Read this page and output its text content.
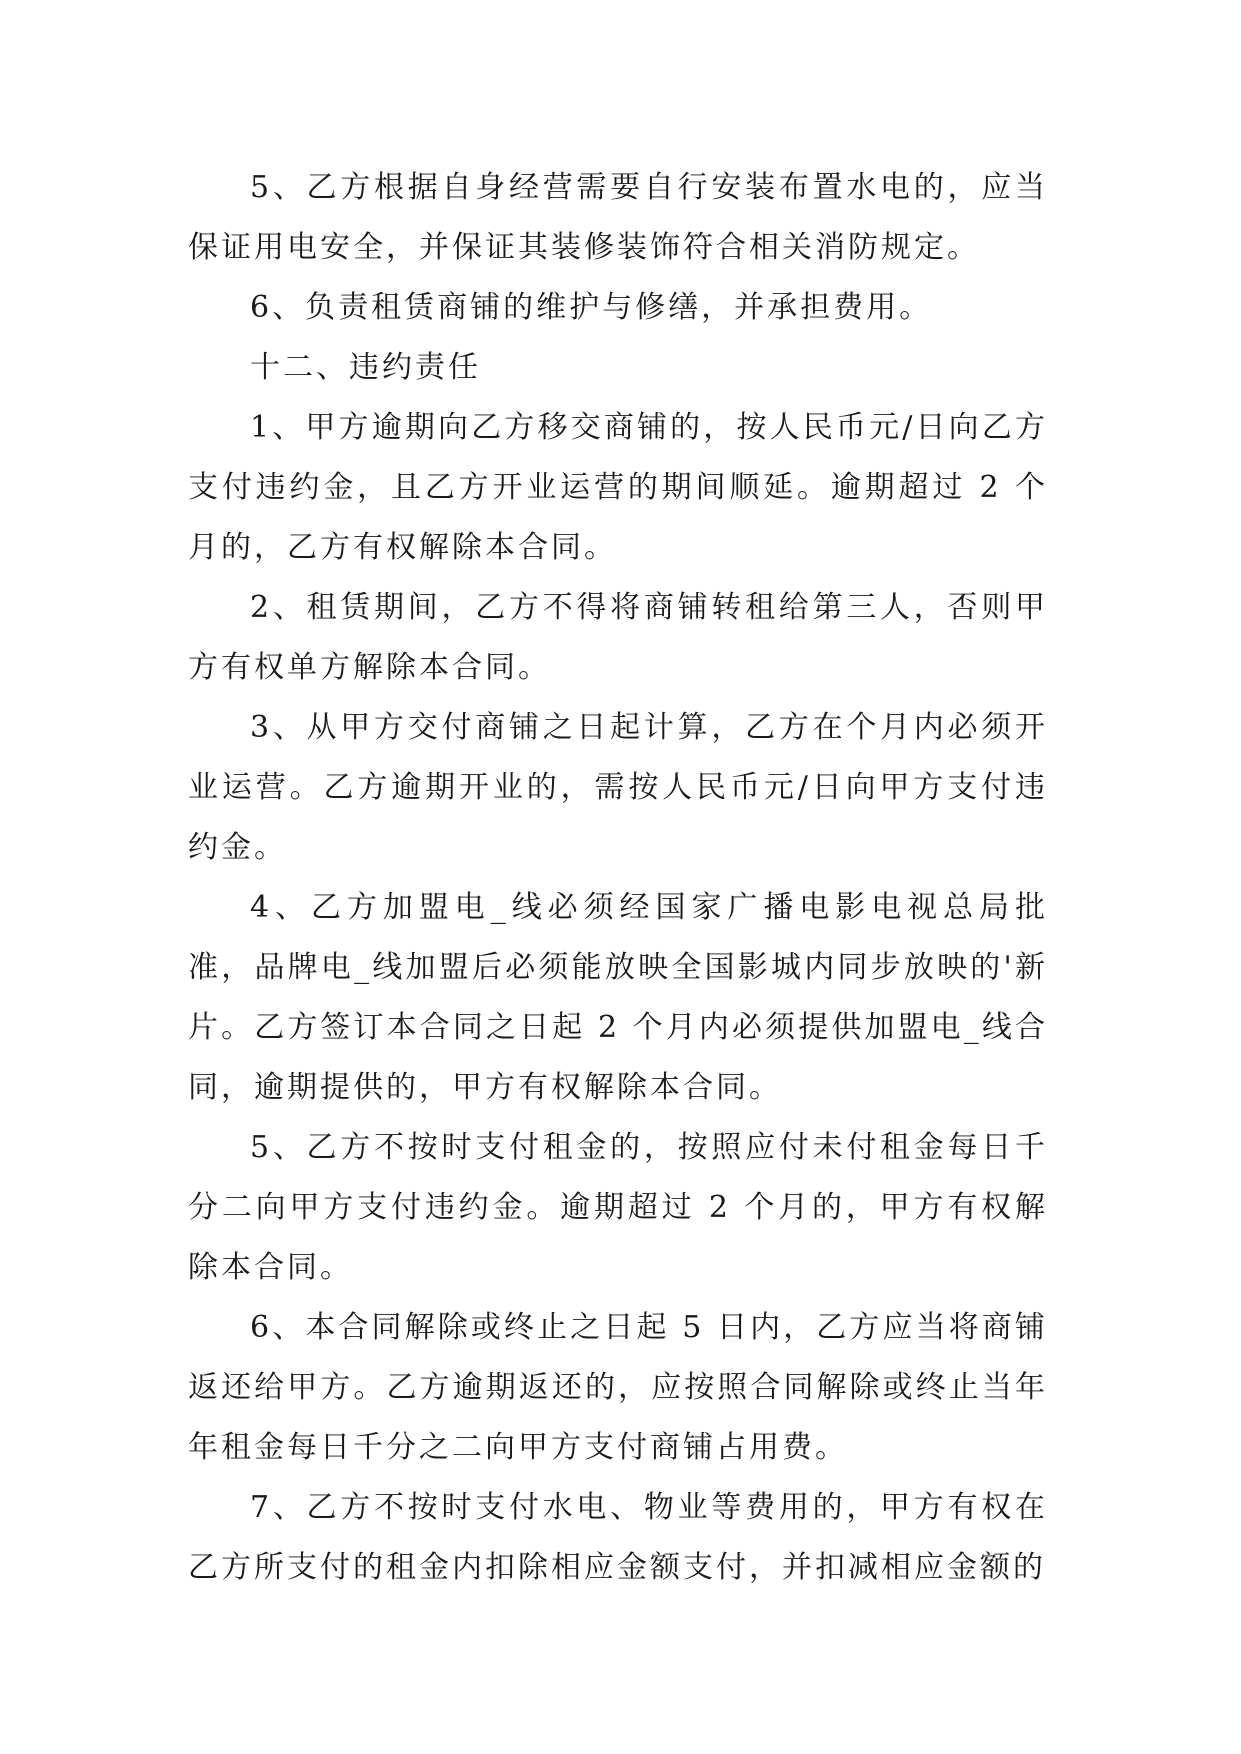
5、乙方根据自身经营需要自行安装布置水电的，应当保证用电安全，并保证其装修装饰符合相关消防规定。

6、负责租赁商铺的维护与修缮，并承担费用。

十二、违约责任

1、甲方逾期向乙方移交商铺的，按人民币元/日向乙方支付违约金，且乙方开业运营的期间顺延。逾期超过 2 个月的，乙方有权解除本合同。

2、租赁期间，乙方不得将商铺转租给第三人，否则甲方有权单方解除本合同。

3、从甲方交付商铺之日起计算，乙方在个月内必须开业运营。乙方逾期开业的，需按人民币元/日向甲方支付违约金。

4、乙方加盟电_线必须经国家广播电影电视总局批准，品牌电_线加盟后必须能放映全国影城内同步放映的'新片。乙方签订本合同之日起 2 个月内必须提供加盟电_线合同，逾期提供的，甲方有权解除本合同。

5、乙方不按时支付租金的，按照应付未付租金每日千分二向甲方支付违约金。逾期超过 2 个月的，甲方有权解除本合同。

6、本合同解除或终止之日起 5 日内，乙方应当将商铺返还给甲方。乙方逾期返还的，应按照合同解除或终止当年年租金每日千分之二向甲方支付商铺占用费。

7、乙方不按时支付水电、物业等费用的，甲方有权在乙方所支付的租金内扣除相应金额支付，并扣减相应金额的
